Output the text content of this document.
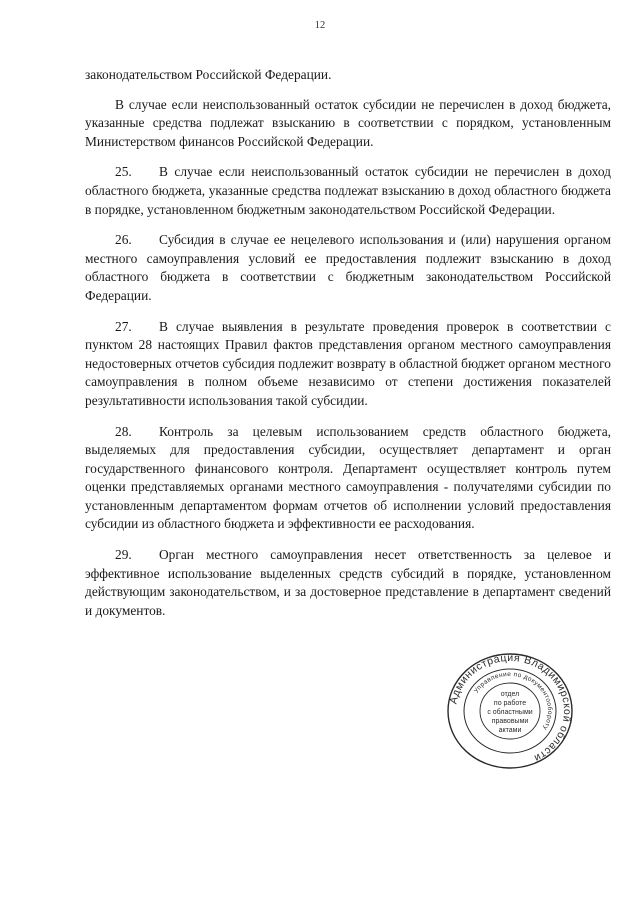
12

законодательством Российской Федерации.

В случае если неиспользованный остаток субсидии не перечислен в доход бюджета, указанные средства подлежат взысканию в соответствии с порядком, установленным Министерством финансов Российской Федерации.

25. В случае если неиспользованный остаток субсидии не перечислен в доход областного бюджета, указанные средства подлежат взысканию в доход областного бюджета в порядке, установленном бюджетным законодательством Российской Федерации.

26. Субсидия в случае ее нецелевого использования и (или) нарушения органом местного самоуправления условий ее предоставления подлежит взысканию в доход областного бюджета в соответствии с бюджетным законодательством Российской Федерации.

27. В случае выявления в результате проведения проверок в соответствии с пунктом 28 настоящих Правил фактов представления органом местного самоуправления недостоверных отчетов субсидия подлежит возврату в областной бюджет органом местного самоуправления в полном объеме независимо от степени достижения показателей результативности использования такой субсидии.

28. Контроль за целевым использованием средств областного бюджета, выделяемых для предоставления субсидии, осуществляет департамент и орган государственного финансового контроля. Департамент осуществляет контроль путем оценки представляемых органами местного самоуправления - получателями субсидии по установленным департаментом формам отчетов об исполнении условий предоставления субсидии из областного бюджета и эффективности ее расходования.

29. Орган местного самоуправления несет ответственность за целевое и эффективное использование выделенных средств субсидий в порядке, установленном действующим законодательством, и за достоверное представление в департамент сведений и документов.

Администрация Владимирской области
Управление по документообороту
отдел
по работе
с областными
правовыми
актами
